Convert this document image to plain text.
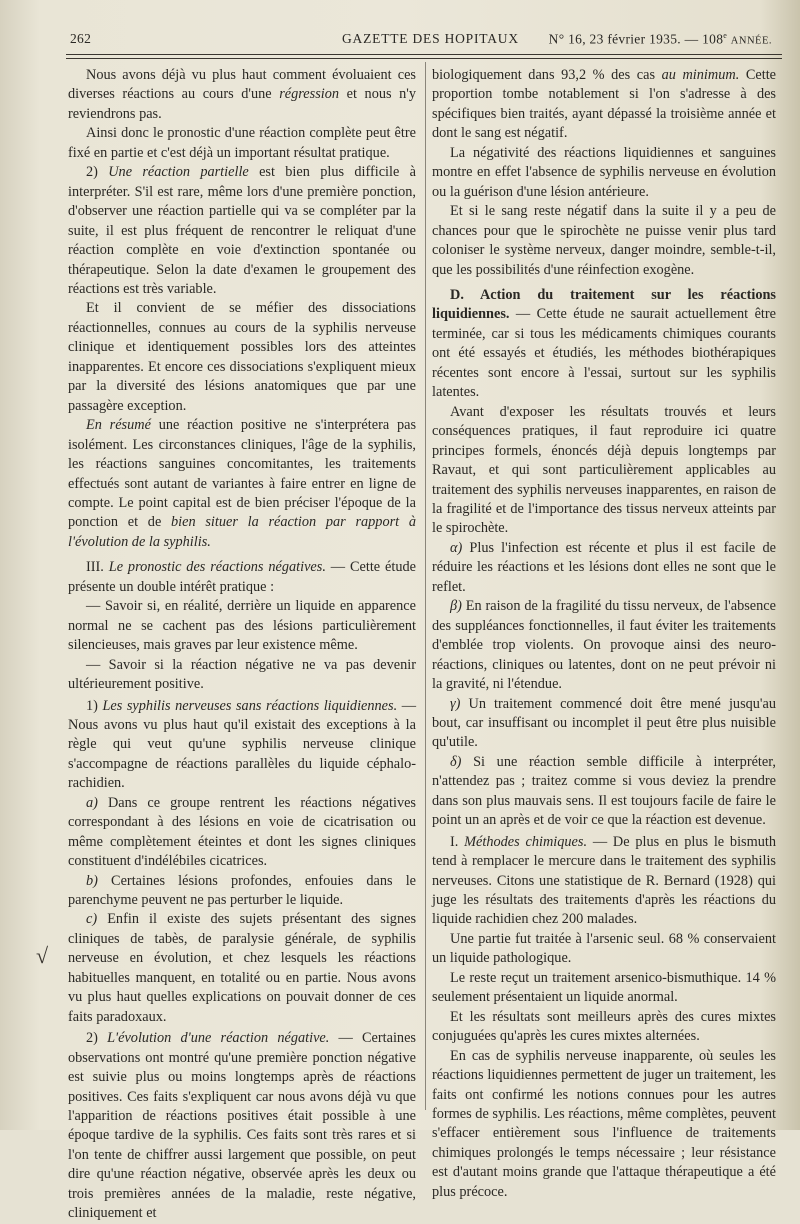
262	GAZETTE DES HOPITAUX N° 16, 23 février 1935. — 108e ANNÉE.
√

Nous avons déjà vu plus haut comment évoluaient ces diverses réactions au cours d'une régression et nous n'y reviendrons pas.

Ainsi donc le pronostic d'une réaction complète peut être fixé en partie et c'est déjà un important résultat pratique.

2) Une réaction partielle est bien plus difficile à interpréter. S'il est rare, même lors d'une première ponction, d'observer une réaction partielle qui va se compléter par la suite, il est plus fréquent de rencontrer le reliquat d'une réaction complète en voie d'extinction spontanée ou thérapeutique. Selon la date d'examen le groupement des réactions est très variable.

Et il convient de se méfier des dissociations réactionnelles, connues au cours de la syphilis nerveuse clinique et identiquement possibles lors des atteintes inapparentes. Et encore ces dissociations s'expliquent mieux par la diversité des lésions anatomiques que par une passagère exception.

En résumé une réaction positive ne s'interprétera pas isolément. Les circonstances cliniques, l'âge de la syphilis, les réactions sanguines concomitantes, les traitements effectués sont autant de variantes à faire entrer en ligne de compte. Le point capital est de bien préciser l'époque de la ponction et de bien situer la réaction par rapport à l'évolution de la syphilis.

III. Le pronostic des réactions négatives. — Cette étude présente un double intérêt pratique :

— Savoir si, en réalité, derrière un liquide en apparence normal ne se cachent pas des lésions particulièrement silencieuses, mais graves par leur existence même.

— Savoir si la réaction négative ne va pas devenir ultérieurement positive.

1) Les syphilis nerveuses sans réactions liquidiennes. — Nous avons vu plus haut qu'il existait des exceptions à la règle qui veut qu'une syphilis nerveuse clinique s'accompagne de réactions parallèles du liquide céphalo-rachidien.

a) Dans ce groupe rentrent les réactions négatives correspondant à des lésions en voie de cicatrisation ou même complètement éteintes et dont les signes cliniques constituent d'indélébiles cicatrices.

b) Certaines lésions profondes, enfouies dans le parenchyme peuvent ne pas perturber le liquide.

c) Enfin il existe des sujets présentant des signes cliniques de tabès, de paralysie générale, de syphilis nerveuse en évolution, et chez lesquels les réactions habituelles manquent, en totalité ou en partie. Nous avons vu plus haut quelles explications on pouvait donner de ces faits paradoxaux.

2) L'évolution d'une réaction négative. — Certaines observations ont montré qu'une première ponction négative est suivie plus ou moins longtemps après de réactions positives. Ces faits s'expliquent car nous avons déjà vu que l'apparition de réactions positives était possible à une époque tardive de la syphilis. Ces faits sont très rares et si l'on tente de chiffrer aussi largement que possible, on peut dire qu'une réaction négative, observée après les deux ou trois premières années de la maladie, reste négative, cliniquement et

biologiquement dans 93,2 % des cas au minimum. Cette proportion tombe notablement si l'on s'adresse à des spécifiques bien traités, ayant dépassé la troisième année et dont le sang est négatif.

La négativité des réactions liquidiennes et sanguines montre en effet l'absence de syphilis nerveuse en évolution ou la guérison d'une lésion antérieure.

Et si le sang reste négatif dans la suite il y a peu de chances pour que le spirochète ne puisse venir plus tard coloniser le système nerveux, danger moindre, semble-t-il, que les possibilités d'une réinfection exogène.

D. Action du traitement sur les réactions liquidiennes. — Cette étude ne saurait actuellement être terminée, car si tous les médicaments chimiques courants ont été essayés et étudiés, les méthodes biothérapiques récentes sont encore à l'essai, surtout sur les syphilis latentes.

Avant d'exposer les résultats trouvés et leurs conséquences pratiques, il faut reproduire ici quatre principes formels, énoncés déjà depuis longtemps par Ravaut, et qui sont particulièrement applicables au traitement des syphilis nerveuses inapparentes, en raison de la fragilité et de l'importance des tissus nerveux atteints par le spirochète.

α) Plus l'infection est récente et plus il est facile de réduire les réactions et les lésions dont elles ne sont que le reflet.

β) En raison de la fragilité du tissu nerveux, de l'absence des suppléances fonctionnelles, il faut éviter les traitements d'emblée trop violents. On provoque ainsi des neuro-réactions, cliniques ou latentes, dont on ne peut prévoir ni la gravité, ni l'étendue.

γ) Un traitement commencé doit être mené jusqu'au bout, car insuffisant ou incomplet il peut être plus nuisible qu'utile.

δ) Si une réaction semble difficile à interpréter, n'attendez pas ; traitez comme si vous deviez la prendre dans son plus mauvais sens. Il est toujours facile de faire le point un an après et de voir ce que la réaction est devenue.

I. Méthodes chimiques. — De plus en plus le bismuth tend à remplacer le mercure dans le traitement des syphilis nerveuses. Citons une statistique de R. Bernard (1928) qui juge les résultats des traitements d'après les réactions du liquide rachidien chez 200 malades.

Une partie fut traitée à l'arsenic seul. 68 % conservaient un liquide pathologique.

Le reste reçut un traitement arsenico-bismuthique. 14 % seulement présentaient un liquide anormal.

Et les résultats sont meilleurs après des cures mixtes conjuguées qu'après les cures mixtes alternées.

En cas de syphilis nerveuse inapparente, où seules les réactions liquidiennes permettent de juger un traitement, les faits ont confirmé les notions connues pour les autres formes de syphilis. Les réactions, même complètes, peuvent s'effacer entièrement sous l'influence de traitements chimiques prolongés le temps nécessaire ; leur résistance est d'autant moins grande que l'attaque thérapeutique a été plus précoce.
